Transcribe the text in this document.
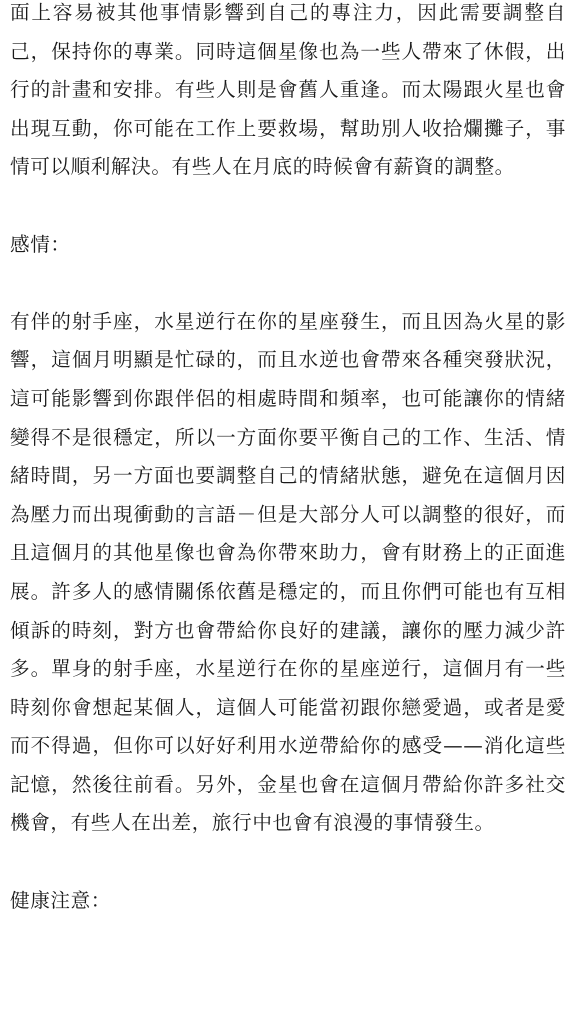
面上容易被其他事情影響到自己的專注力，因此需要調整自己，保持你的專業。同時這個星像也為一些人帶來了休假，出行的計畫和安排。有些人則是會舊人重逢。而太陽跟火星也會出現互動，你可能在工作上要救場，幫助別人收拾爛攤子，事情可以順利解決。有些人在月底的時候會有薪資的調整。

感情：

有伴的射手座，水星逆行在你的星座發生，而且因為火星的影響，這個月明顯是忙碌的，而且水逆也會帶來各種突發狀況，這可能影響到你跟伴侶的相處時間和頻率，也可能讓你的情緒變得不是很穩定，所以一方面你要平衡自己的工作、生活、情緒時間，另一方面也要調整自己的情緒狀態，避免在這個月因為壓力而出現衝動的言語－但是大部分人可以調整的很好，而且這個月的其他星像也會為你帶來助力，會有財務上的正面進展。許多人的感情關係依舊是穩定的，而且你們可能也有互相傾訴的時刻，對方也會帶給你良好的建議，讓你的壓力減少許多。單身的射手座，水星逆行在你的星座逆行，這個月有一些時刻你會想起某個人，這個人可能當初跟你戀愛過，或者是愛而不得過，但你可以好好利用水逆帶給你的感受——消化這些記憶，然後往前看。另外，金星也會在這個月帶給你許多社交機會，有些人在出差，旅行中也會有浪漫的事情發生。

健康注意：
